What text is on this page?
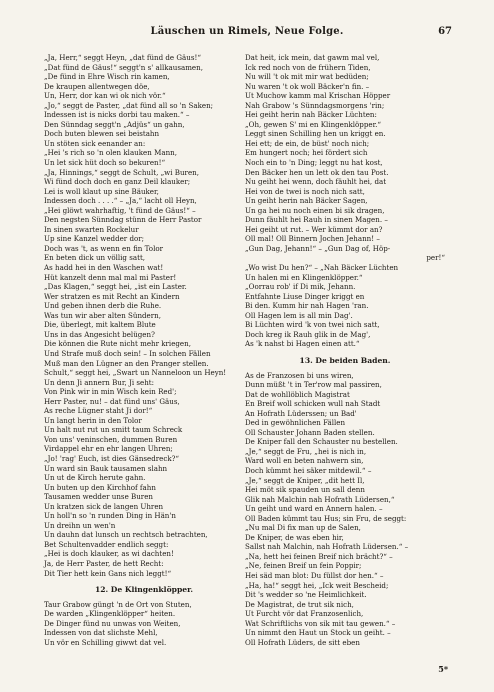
Läuschen un Rimels, Neue Folge.	67
„Ja, Herr,“ seggt Heyn, „dat fünd de Gäus!“
„Dat fünd de Gäus!“ seggt'n s' allkausamen,
„De fünd in Ehre Wisch rin kamen,
De kraupen allentwegen döe,
Un, Herr, dor kan wi ok nich vör.“
„Jo,“ seggt de Paster, „dat fünd all so 'n Saken;
Indessen ist is nicks dorbi tau maken.“ –
Den Sünndag seggt'n „Adjüs“ un gahn,
Doch buten blewen sei beistahn
Un stöten sick eenander an:
„Hei 's rich so 'n olen klauken Mann,
Un let sick hüt doch so bekuren!“
„Ja, Hinnings,“ seggt de Schult, „wi Buren,
Wi fünd doch doch en ganz Deil klauker;
Lei is woll klaut up sine Bäuker,
Indessen doch . . . .“ – „Ja,“ lacht oll Heyn,
„Hei glöwt wahrhaftig, 't fünd de Gäus!“ –
Den negsten Sünndag stünn de Herr Pastor
In sinen swarten Rockelur
Up sine Kanzel wedder dor;
Doch was 't, as wenn en fin Tolor
En beten dick un völlig satt,
As hadd hei in den Waschen wat!
Hüt kanzelt denn mal mal mi Paster!
„Das Klagen,“ seggt hei, „ist ein Laster.
Wer stratzen es mit Recht an Kindern
Und geben ihnen derb die Ruhe.
Was tun wir aber alten Sündern,
Die, überlegt, mit kaltem Blute
Uns in das Angesicht belügen?
Die können die Rute nicht mehr kriegen,
Und Strafe muß doch sein! – In solchen Fällen
Muß man den Lügner an den Pranger stellen.
Schult,“ seggt hei, „Swart un Nanneloon un Heyn!
Un denn Ji annern Bur, Ji seht:
Von Pink wir in min Wisch kein Red';
Herr Paster, nu! – dat fünd uns' Gäus,
As reche Lügner staht Ji dor!“
Un langt herin in den Tolor
Un halt nut rut un smitt taum Schreck
Von uns' veninschen, dummen Buren
Virdappel ehr en ehr langen Uhren;
„Jo! 'rag' Euch, ist dies Gänsedreck?“
Un ward sin Bauk tausamen slahn
Un ut de Kirch herute gahn.
Un buten up den Kirchhof fahn
Tausamen wedder unse Buren
Un kratzen sick de langen Uhren
Un holl'n so 'n runden Ding in Hän'n
Un dreihn un wen'n
Un dauhn dat lunsch un rechtsch betrachten,
Bet Schultenvadder endlich seggt:
„Hei is doch klauker, as wi dachten!
Ja, de Herr Paster, de hett Recht:
Dit Tier hett kein Gans nich leggt!“
12. De Klingenklöpper.
Taur Grabow güngt 'n de Ort von Stuten,
De warden „Klingenklöpper“ heiten.
De Dinger fünd nu unwas von Weiten,
Indessen von dat slichste Mehl,
Un vör en Schilling giwwt dat vel.
Dat heit, ick mein, dat gawm mal vel,
Ick red noch von de frühern Tiden,
Nu will 't ok mit mir wat bedüden;
Nu waren 't ok woll Bäcker'n fin. –
Ut Muchow kamm mal Krischan Höpper
Nah Grabow 's Sünndagsmorgens 'rin;
Hei geiht herin nah Bäcker Lüchten:
„Oh, gewen S' mi en Klingenklöpper.“
Leggt sinen Schilling hen un kriggt en.
Hei ett; de ein, de büst' noch nich;
Em hungert noch; hei fördert sich
Noch ein to 'n Ding; leggt nu hat kost,
Den Bäcker hen un lett ok den tau Post.
Nu geiht hei wenn, doch fäuhlt hei, dat
Hei von de twei is noch nich satt,
Un geiht herin nah Bäcker Sagen,
Un ga hei nu noch einen bi sik dragen,
Dunn fäuhlt hei Rauh in sinen Magen. –
Hei geiht ut rut. – Wer kümmt dor an?
Oll mal! Oll Binnern Jochen Jehann! –
„Gun Dag, Jehann!“ – „Gun Dag of, Höp-
per!“
„Wo wist Du hen?“ – „Nah Bäcker Lüchten
Un halen mi en Klingenklöpper.“
„Oorrau rob' if Di mik, Jehann.
Entfahnte Liuse Dinger kriggt en
Bi den. Kumm hir nah Hagen 'ran.
Oll Hagen lem is all min Dag'.
Bi Lüchten wird 'k von twei nich satt,
Doch kreg ik Rauh glik in de Mag',
As 'k nahst bi Hagen einen att.“
13. De beiden Baden.
As de Franzosen bi uns wiren,
Dunn müßt 't in Ter'row mal passiren,
Dat de wohllöblich Magistrat
En Breif woll schicken wull nah Stadt
An Hofrath Lüderssen; un Bad'
Ded in gewöhnlichen Fällen
Oll Schauster Johann Baden stellen.
De Kniper fall den Schauster nu bestellen.
„Je,“ seggt de Fru, „hei is nich in,
Ward woll en beten nahwern sin,
Doch kümmt hei säker mitdewil.“ –
„Je,“ seggt de Kniper, „dit hett Il,
Hei möt sik spauden un sall denn
Glik nah Malchin nah Hofrath Lüdersen,“
Un geiht und ward en Annern halen. –
Oll Baden kümmt tau Hus; sin Fru, de seggt:
„Nu mal Di fix man up de Salen,
De Kniper, de was eben hir,
Sallst nah Malchin, nah Hofrath Lüdersen.“ –
„Na, hett hei feinen Breif nich brächt?“ –
„Ne, feinen Breif un fein Poppir;
Hei säd man blot: Du füllst dor hen.“ –
„Ha, ha!“ seggt hei, „Ick weit Bescheid;
Dit 's wedder so 'ne Heimlichkeit.
De Magistrat, de trut sik nich,
Ut Furcht vör dat Franzosenlich,
Wat Schriftlichs von sik mit tau gewen.“ –
Un nimmt den Haut un Stock un geiht. –
Oll Hofrath Lüders, de sitt eben
5*
